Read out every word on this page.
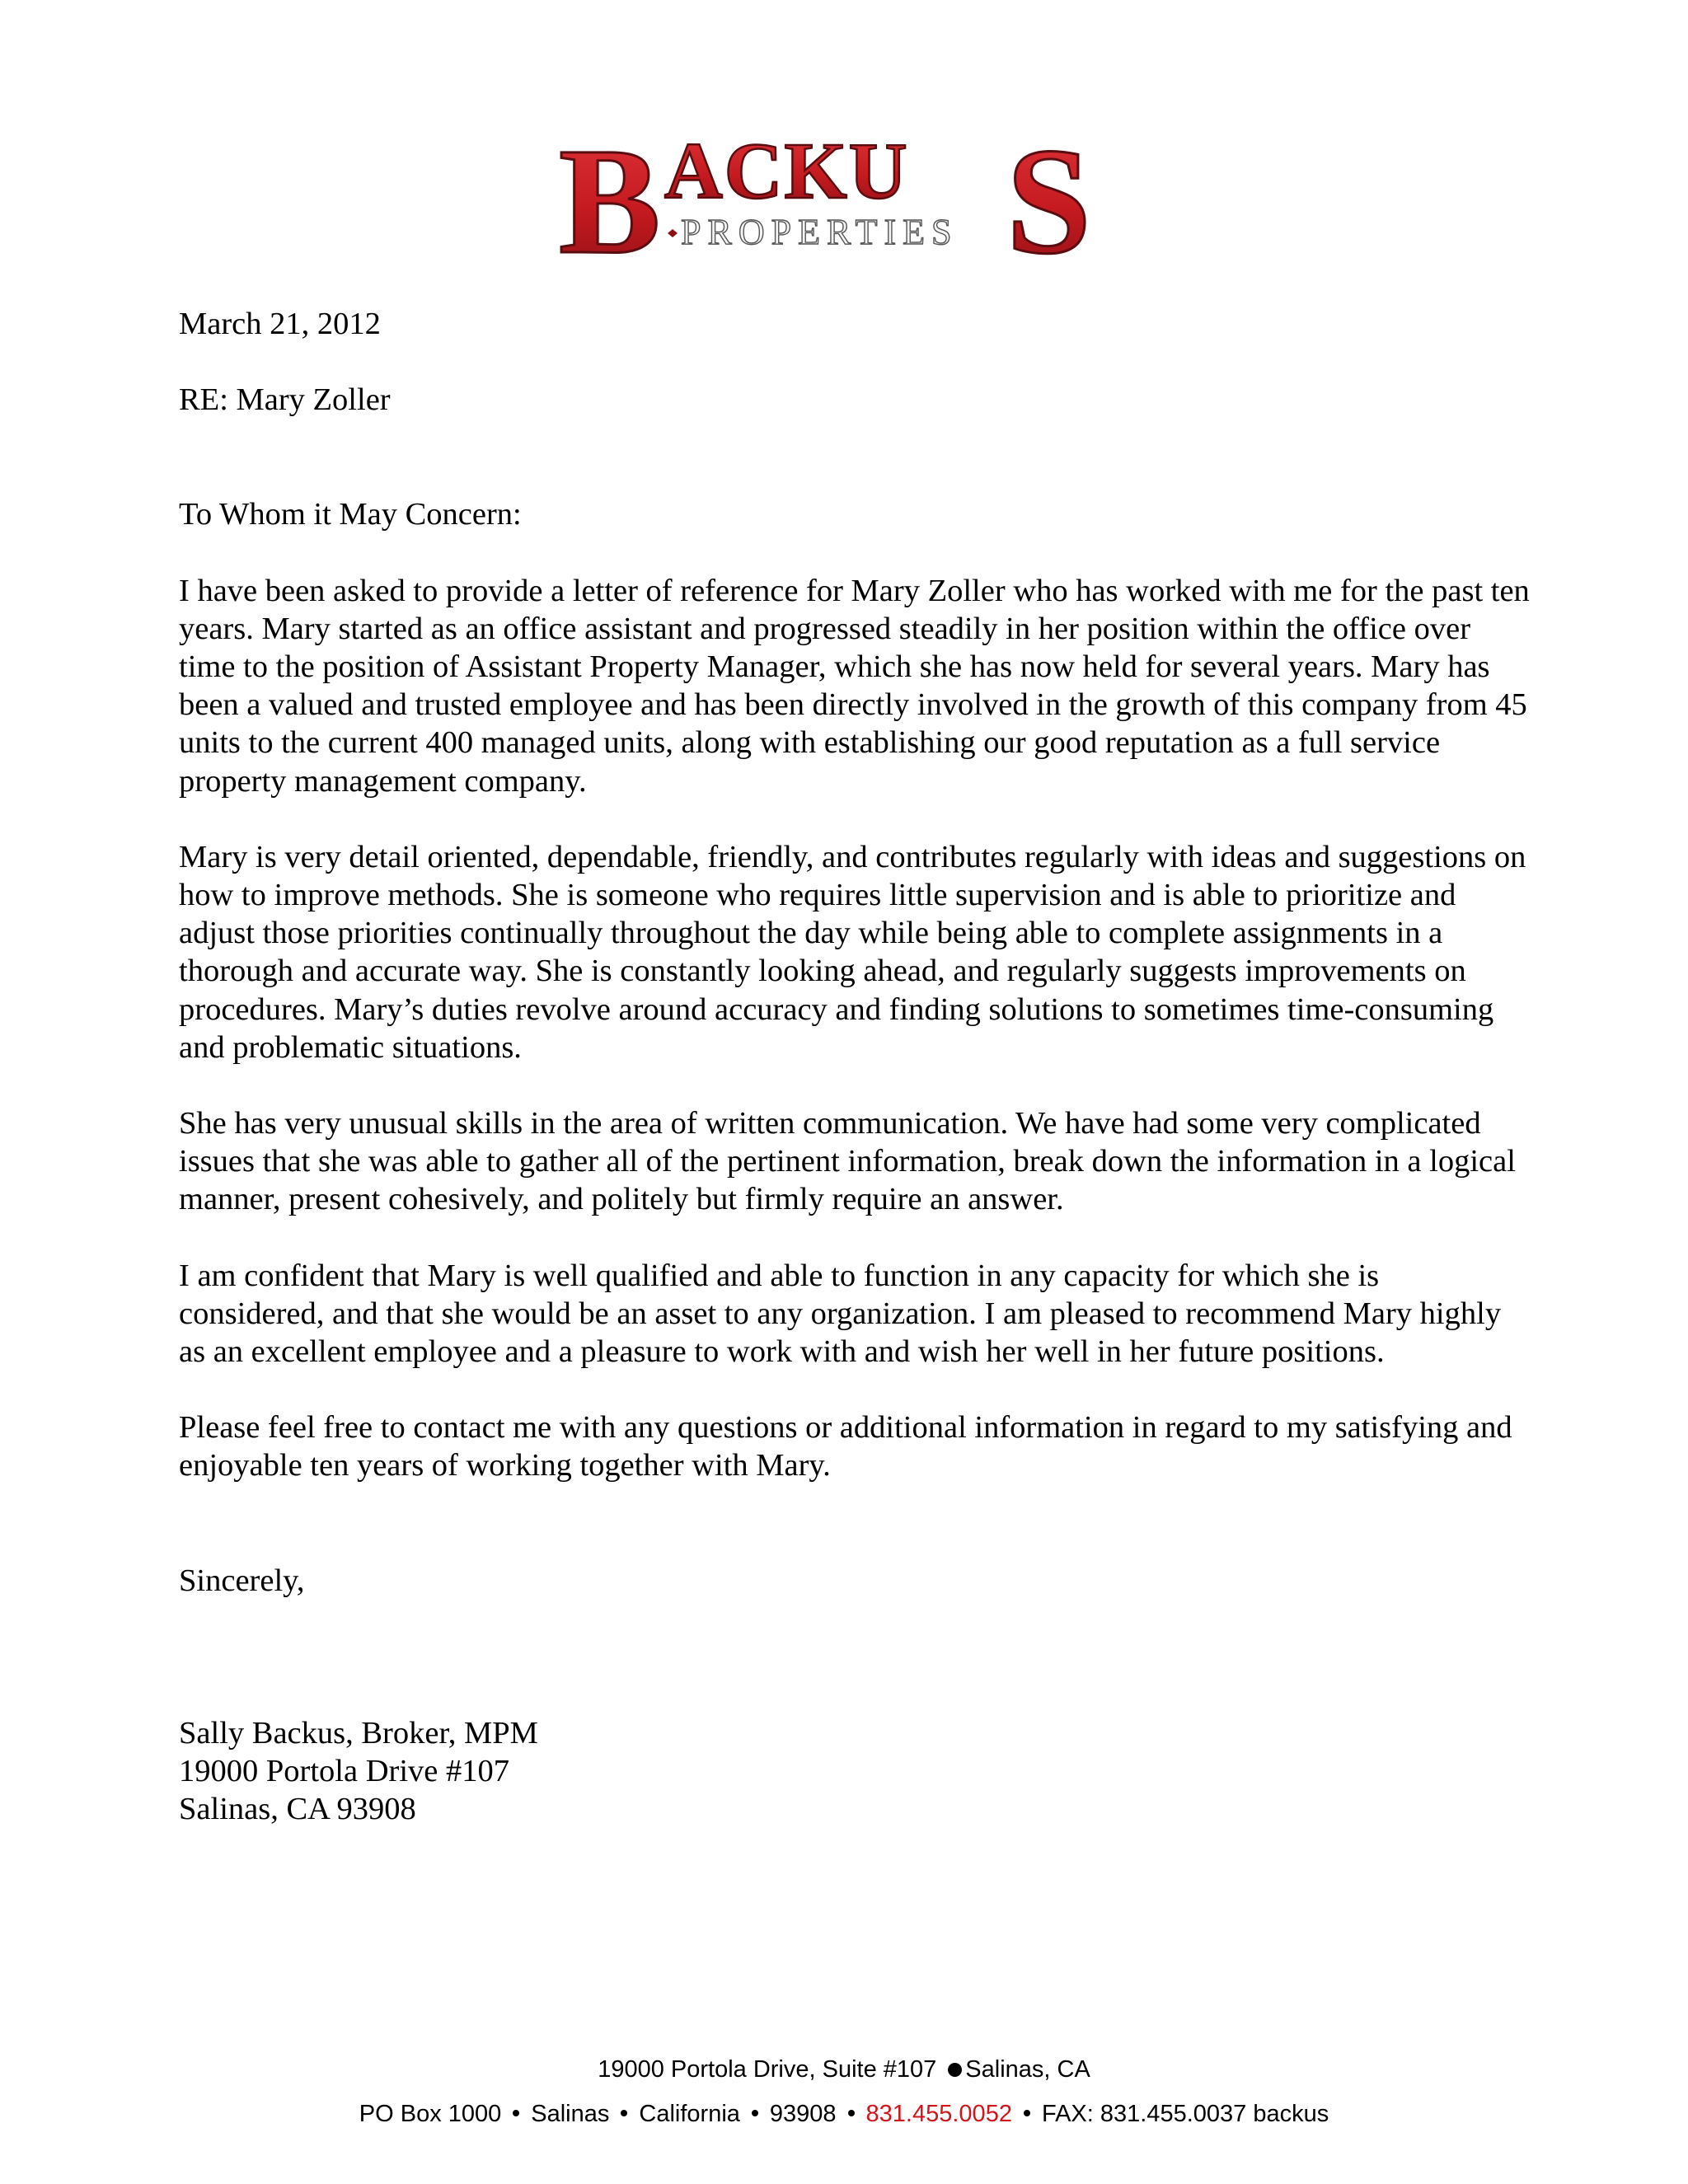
B ACKU S
PROPERTIES

March 21, 2012

RE: Mary Zoller

To Whom it May Concern:

I have been asked to provide a letter of reference for Mary Zoller who has worked with me for the past ten years. Mary started as an office assistant and progressed steadily in her position within the office over time to the position of Assistant Property Manager, which she has now held for several years. Mary has been a valued and trusted employee and has been directly involved in the growth of this company from 45 units to the current 400 managed units, along with establishing our good reputation as a full service property management company.

Mary is very detail oriented, dependable, friendly, and contributes regularly with ideas and suggestions on how to improve methods. She is someone who requires little supervision and is able to prioritize and adjust those priorities continually throughout the day while being able to complete assignments in a thorough and accurate way. She is constantly looking ahead, and regularly suggests improvements on procedures. Mary’s duties revolve around accuracy and finding solutions to sometimes time-consuming and problematic situations.

She has very unusual skills in the area of written communication. We have had some very complicated issues that she was able to gather all of the pertinent information, break down the information in a logical manner, present cohesively, and politely but firmly require an answer.

I am confident that Mary is well qualified and able to function in any capacity for which she is considered, and that she would be an asset to any organization. I am pleased to recommend Mary highly as an excellent employee and a pleasure to work with and wish her well in her future positions.

Please feel free to contact me with any questions or additional information in regard to my satisfying and enjoyable ten years of working together with Mary.

Sincerely,

Sally Backus, Broker, MPM
19000 Portola Drive #107
Salinas, CA 93908

19000 Portola Drive, Suite #107 Salinas, CA
PO Box 1000 Salinas California 93908 831.455.0052 FAX: 831.455.0037 backus
